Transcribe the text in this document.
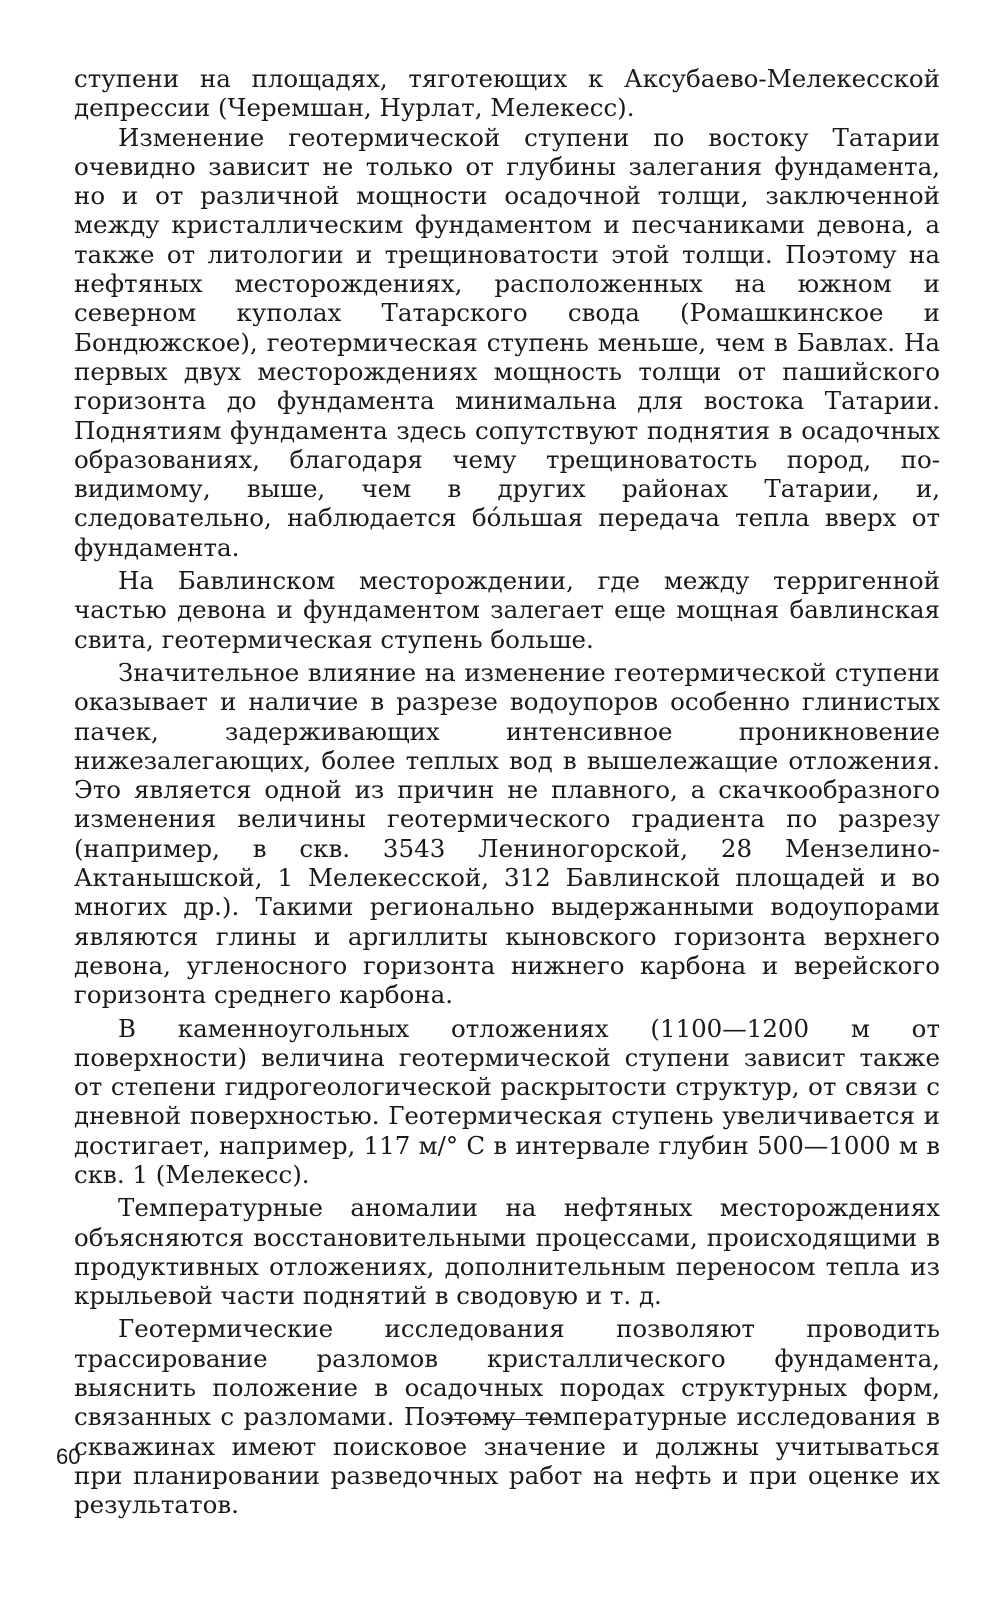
ступени на площадях, тяготеющих к Аксубаево-Мелекесской депрессии (Черемшан, Нурлат, Мелекесс).

Изменение геотермической ступени по востоку Татарии очевидно зависит не только от глубины залегания фундамента, но и от различной мощности осадочной толщи, заключенной между кристаллическим фундаментом и песчаниками девона, а также от литологии и трещиноватости этой толщи. Поэтому на нефтяных месторождениях, расположенных на южном и северном куполах Татарского свода (Ромашкинское и Бондюжское), геотермическая ступень меньше, чем в Бавлах. На первых двух месторождениях мощность толщи от пашийского горизонта до фундамента минимальна для востока Татарии. Поднятиям фундамента здесь сопутствуют поднятия в осадочных образованиях, благодаря чему трещиноватость пород, по-видимому, выше, чем в других районах Татарии, и, следовательно, наблюдается бóльшая передача тепла вверх от фундамента.

На Бавлинском месторождении, где между терригенной частью девона и фундаментом залегает еще мощная бавлинская свита, геотермическая ступень больше.

Значительное влияние на изменение геотермической ступени оказывает и наличие в разрезе водоупоров особенно глинистых пачек, задерживающих интенсивное проникновение нижезалегающих, более теплых вод в вышележащие отложения. Это является одной из причин не плавного, а скачкообразного изменения величины геотермического градиента по разрезу (например, в скв. 3543 Лениногорской, 28 Мензелино-Актанышской, 1 Мелекесской, 312 Бавлинской площадей и во многих др.). Такими регионально выдержанными водоупорами являются глины и аргиллиты кыновского горизонта верхнего девона, угленосного горизонта нижнего карбона и верейского горизонта среднего карбона.

В каменноугольных отложениях (1100—1200 м от поверхности) величина геотермической ступени зависит также от степени гидрогеологической раскрытости структур, от связи с дневной поверхностью. Геотермическая ступень увеличивается и достигает, например, 117 м/° С в интервале глубин 500—1000 м в скв. 1 (Мелекесс).

Температурные аномалии на нефтяных месторождениях объясняются восстановительными процессами, происходящими в продуктивных отложениях, дополнительным переносом тепла из крыльевой части поднятий в сводовую и т. д.

Геотермические исследования позволяют проводить трассирование разломов кристаллического фундамента, выяснить положение в осадочных породах структурных форм, связанных с разломами. Поэтому температурные исследования в скважинах имеют поисковое значение и должны учитываться при планировании разведочных работ на нефть и при оценке их результатов.

60
